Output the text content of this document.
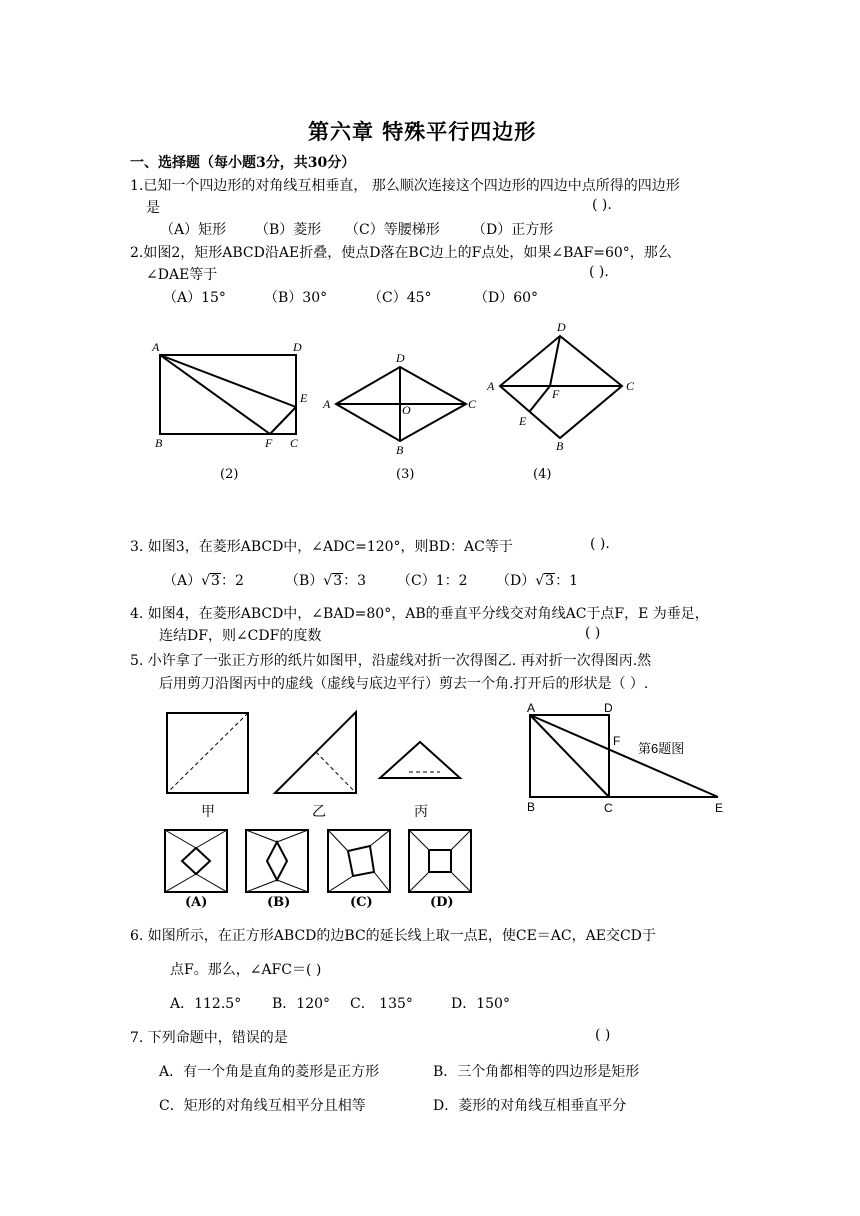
第六章 特殊平行四边形
一、选择题（每小题3分，共30分）
1.已知一个四边形的对角线互相垂直， 那么顺次连接这个四边形的四边中点所得的四边形
是	( ).
（A）矩形 （B）菱形 （C）等腰梯形 （D）正方形
2.如图2，矩形ABCD沿AE折叠，使点D落在BC边上的F点处，如果∠BAF=60°，那么
∠DAE等于	( ).
（A）15°	（B）30°	（C）45°	（D）60°
A	D
E
B	F C
(2)
D
A	O	C
B
(3)
D
A
F
C
E
B
(4)
3. 如图3，在菱形ABCD中，∠ADC=120°，则BD：AC等于	( ).
（A）√3：2	（B）√3：3 （C）1：2 （D）√3：1
4. 如图4，在菱形ABCD中，∠BAD=80°，AB的垂直平分线交对角线AC于点F，E 为垂足，
连结DF，则∠CDF的度数	( )
5. 小许拿了一张正方形的纸片如图甲，沿虚线对折一次得图乙. 再对折一次得图丙.然
后用剪刀沿图丙中的虚线（虚线与底边平行）剪去一个角.打开后的形状是（ ）.
甲	乙	丙
(A)	(B)	(C)	(D)
A	D
F 第6题图
B	C	E
6. 如图所示，在正方形ABCD的边BC的延长线上取一点E，使CE＝AC，AE交CD于
点F。那么，∠AFC＝( )
A．112.5° B．120° C． 135°	D．150°
7. 下列命题中，错误的是	( )
A．有一个角是直角的菱形是正方形	B．三个角都相等的四边形是矩形
C．矩形的对角线互相平分且相等	D．菱形的对角线互相垂直平分
